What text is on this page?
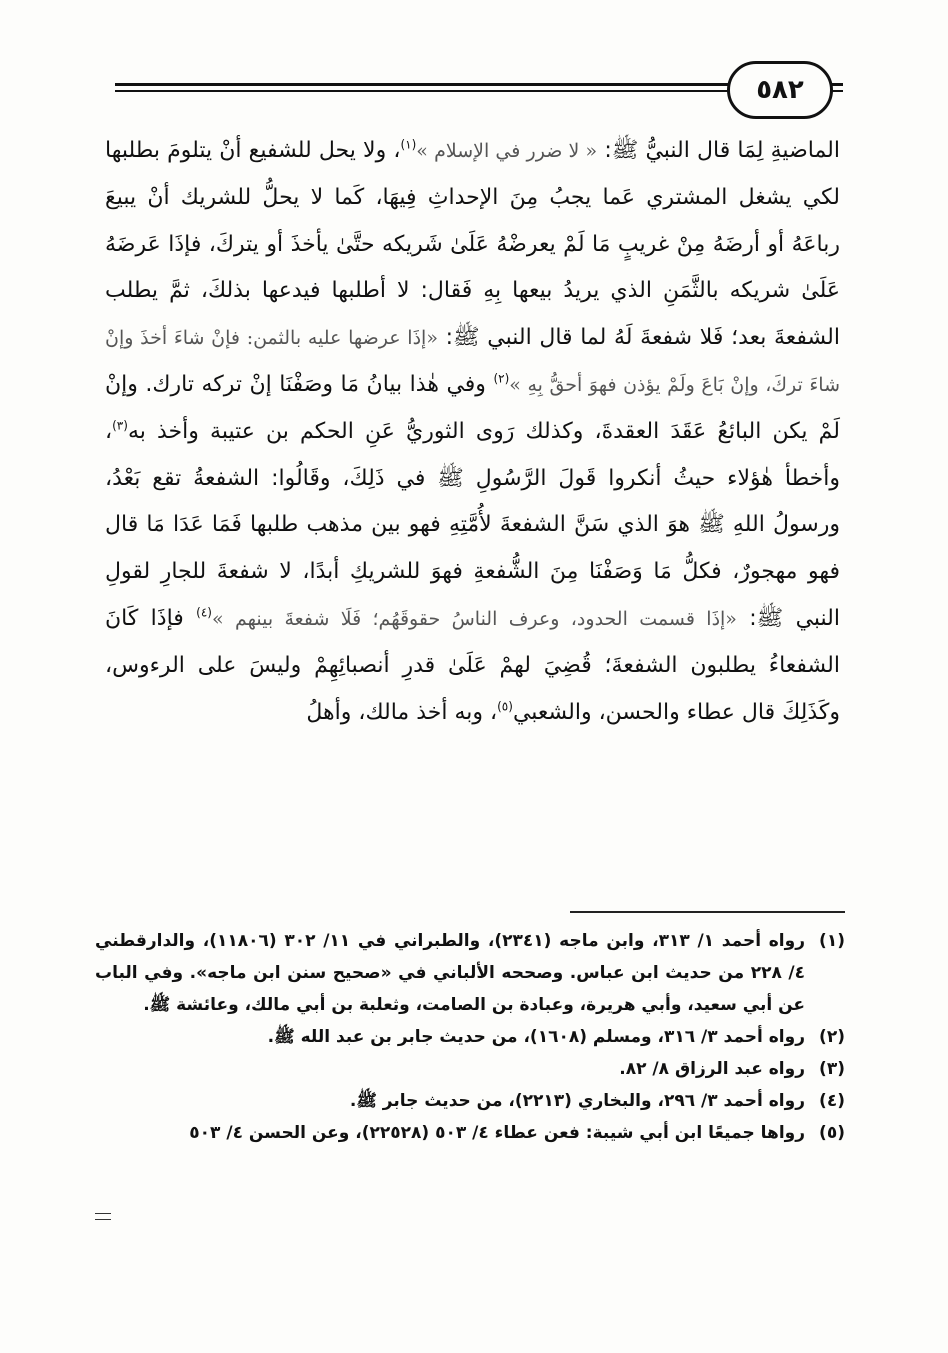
٥٨٢

الماضيةِ لِمَا قال النبيُّ ﷺ: « لا ضرر في الإسلام »$^{(١)}$، ولا يحل للشفيع أنْ يتلومَ بطلبها لكي يشغل المشتري عَما يجبُ مِنَ الإحداثِ فِيهَا، كَما لا يحلُّ للشريك أنْ يبيعَ رباعَهُ أو أرضَهُ مِنْ غريبٍ مَا لَمْ يعرضْهُ عَلَىٰ شَريكه حتَّىٰ يأخذَ أو يتركَ، فإذَا عَرضَهُ عَلَىٰ شريكه بالثَّمَنِ الذي يريدُ بيعها بِهِ فَقال: لا أطلبها فيدعها بذلكَ، ثمَّ يطلب الشفعةَ بعد؛ فَلا شفعةَ لَهُ لما قال النبي ﷺ: «إذَا عرضها عليه بالثمن: فإنْ شاءَ أخذَ وإنْ شاءَ تركَ، وإنْ بَاعَ ولَمْ يؤذن فهوَ أحقُّ بِهِ »$^{(٢)}$ وفي هٰذا بيانُ مَا وصَفْنَا إنْ تركه تارك. وإنْ لَمْ يكن البائعُ عَقَدَ العقدةَ، وكذلك رَوى الثوريُّ عَنِ الحكم بن عتيبة وأخذ به$^{(٣)}$، وأخطأ هٰؤلاء حيثُ أنكروا قَولَ الرَّسُولِ ﷺ في ذَلِكَ، وقَالُوا: الشفعةُ تقع بَعْدُ، ورسولُ اللهِ ﷺ هوَ الذي سَنَّ الشفعةَ لأُمَّتِهِ فهو بين مذهب طلبها فَمَا عَدَا مَا قال فهو مهجورٌ، فكلُّ مَا وَصَفْنَا مِنَ الشُّفعةِ فهوَ للشريكِ أبدًا، لا شفعةَ للجارِ لقولِ النبي ﷺ: «إذَا قسمت الحدود، وعرف الناسُ حقوقَهُم؛ فَلَا شفعةَ بينهم »$^{(٤)}$ فإذَا كَانَ الشفعاءُ يطلبون الشفعةَ؛ قُضِيَ لهمْ عَلَىٰ قدرِ أنصبائِهِمْ وليسَ على الرءوس، وكَذَلِكَ قال عطاء والحسن، والشعبي$^{(٥)}$، وبه أخذ مالك، وأهلُ

(١)
رواه أحمد ١/ ٣١٣، وابن ماجه (٢٣٤١)، والطبراني في ١١/ ٣٠٢ (١١٨٠٦)، والدارقطني ٤/ ٢٢٨ من حديث ابن عباس. وصححه الألباني في «صحيح سنن ابن ماجه». وفي الباب عن أبي سعيد، وأبي هريرة، وعبادة بن الصامت، وثعلبة بن أبي مالك، وعائشة ﷺ.
(٢)
رواه أحمد ٣/ ٣١٦، ومسلم (١٦٠٨)، من حديث جابر بن عبد الله ﷺ.
(٣)
رواه عبد الرزاق ٨/ ٨٢.
(٤)
رواه أحمد ٣/ ٢٩٦، والبخاري (٢٢١٣)، من حديث جابر ﷺ.
(٥)
رواها جميعًا ابن أبي شيبة: فعن عطاء ٤/ ٥٠٣ (٢٢٥٢٨)، وعن الحسن ٤/ ٥٠٣
